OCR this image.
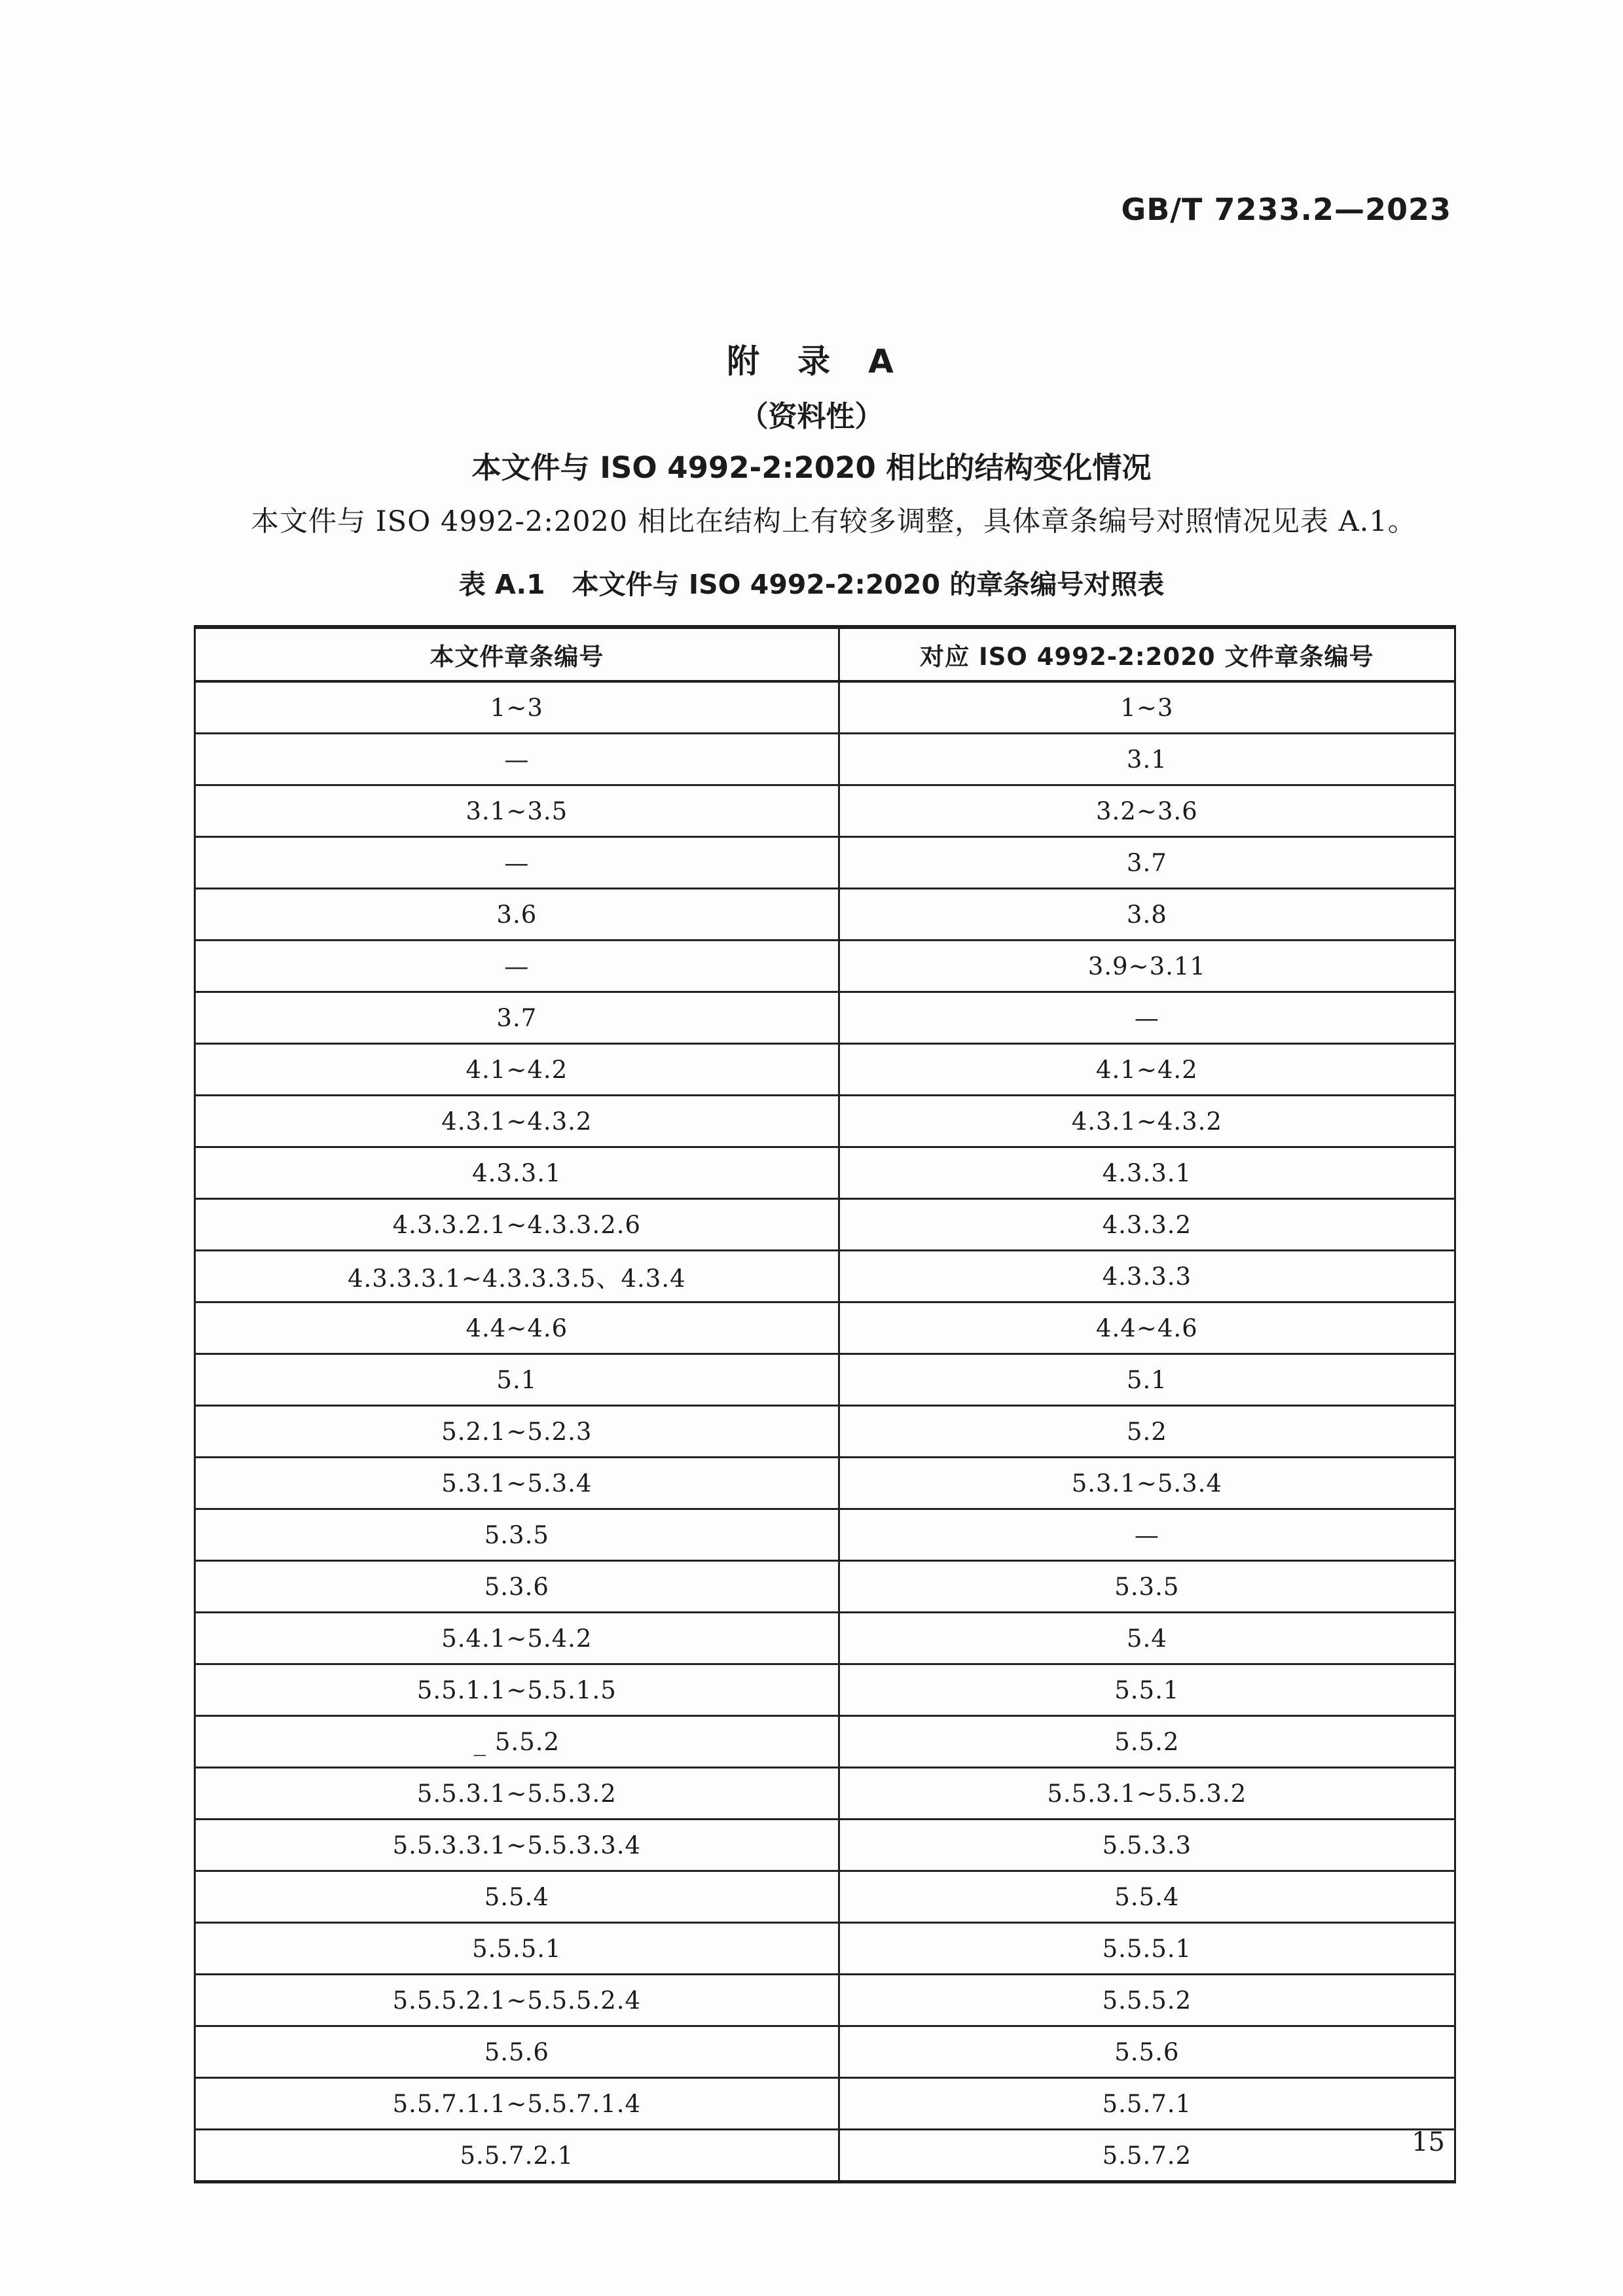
GB/T 7233.2—2023
附　录　A
（资料性）
本文件与 ISO 4992-2:2020 相比的结构变化情况
本文件与 ISO 4992-2:2020 相比在结构上有较多调整，具体章条编号对照情况见表 A.1。
表 A.1　本文件与 ISO 4992-2:2020 的章条编号对照表
本文件章条编号	对应 ISO 4992-2:2020 文件章条编号
1~3	1~3
—	3.1
3.1~3.5	3.2~3.6
—	3.7
3.6	3.8
—	3.9~3.11
3.7	—
4.1~4.2	4.1~4.2
4.3.1~4.3.2	4.3.1~4.3.2
4.3.3.1	4.3.3.1
4.3.3.2.1~4.3.3.2.6	4.3.3.2
4.3.3.3.1~4.3.3.3.5、4.3.4	4.3.3.3
4.4~4.6	4.4~4.6
5.1	5.1
5.2.1~5.2.3	5.2
5.3.1~5.3.4	5.3.1~5.3.4
5.3.5	—
5.3.6	5.3.5
5.4.1~5.4.2	5.4
5.5.1.1~5.5.1.5	5.5.1
_ 5.5.2	5.5.2
5.5.3.1~5.5.3.2	5.5.3.1~5.5.3.2
5.5.3.3.1~5.5.3.3.4	5.5.3.3
5.5.4	5.5.4
5.5.5.1	5.5.5.1
5.5.5.2.1~5.5.5.2.4	5.5.5.2
5.5.6	5.5.6
5.5.7.1.1~5.5.7.1.4	5.5.7.1
5.5.7.2.1	5.5.7.2	15
